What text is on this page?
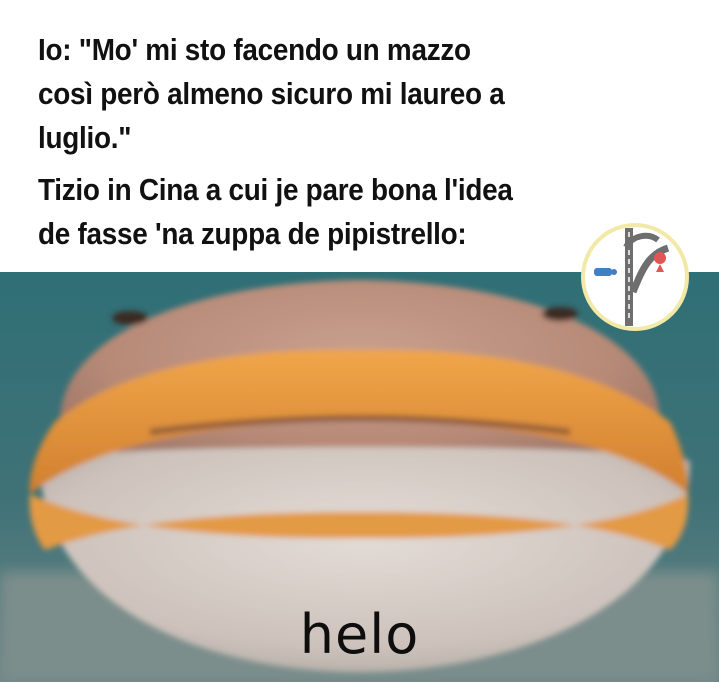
Io: "Mo' mi sto facendo un mazzo
così però almeno sicuro mi laureo a
luglio."

Tizio in Cina a cui je pare bona l'idea
de fasse 'na zuppa de pipistrello:

helo
